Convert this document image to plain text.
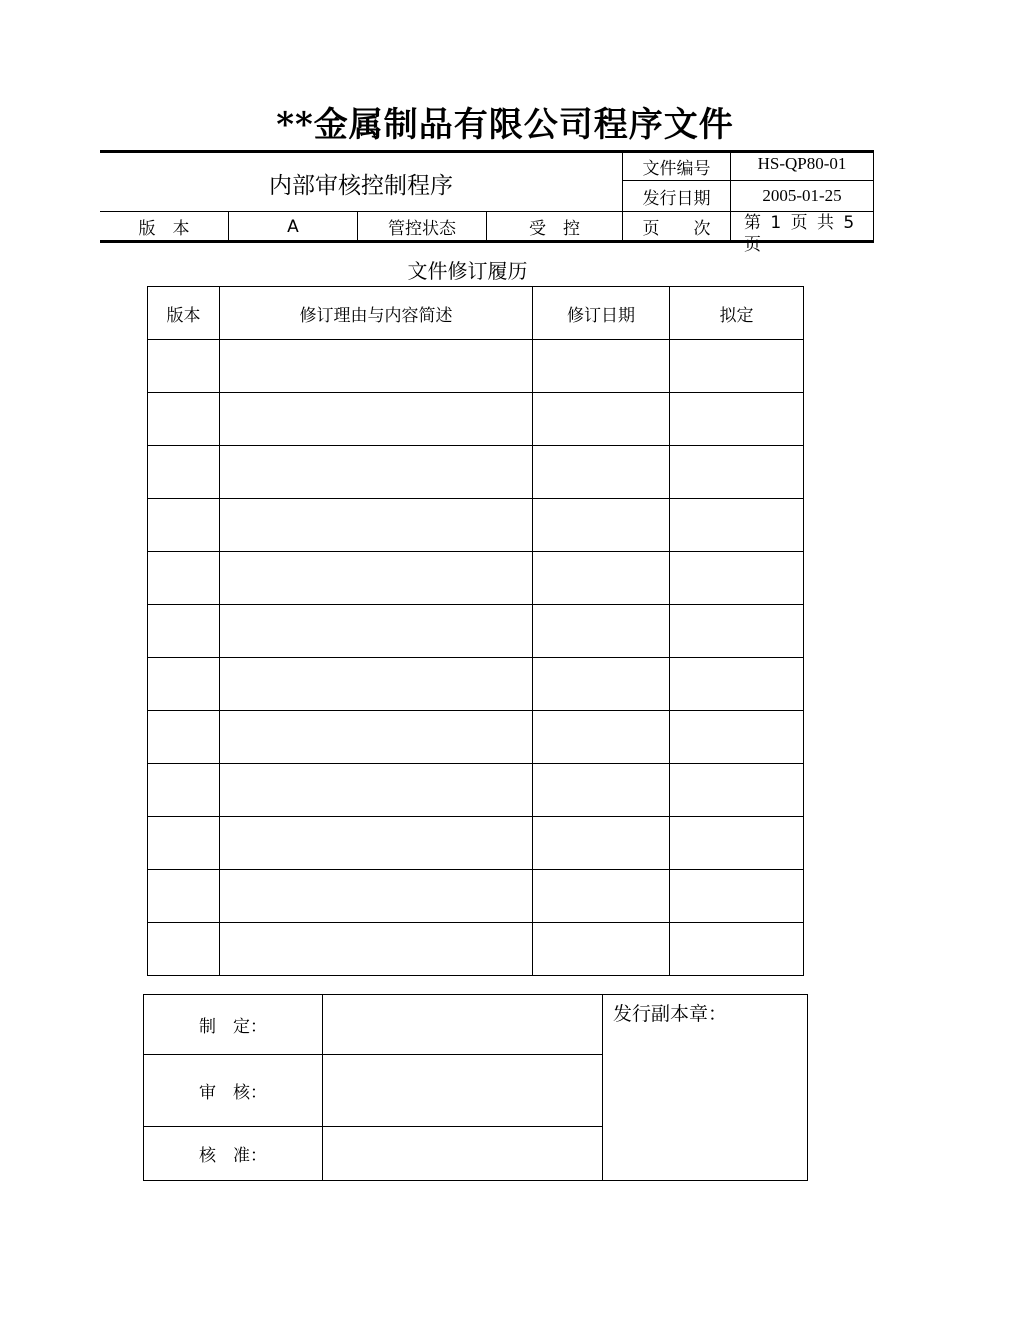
**金属制品有限公司程序文件
内部审核控制程序
文件编号	HS-QP80-01
发行日期	2005-01-25
版　本	A	管控状态	受　控	页　　次	第 1 页 共 5 页
文件修订履历
版本	修订理由与内容简述	修订日期	拟定

制　定：		发行副本章：
审　核：		
核　准：		
